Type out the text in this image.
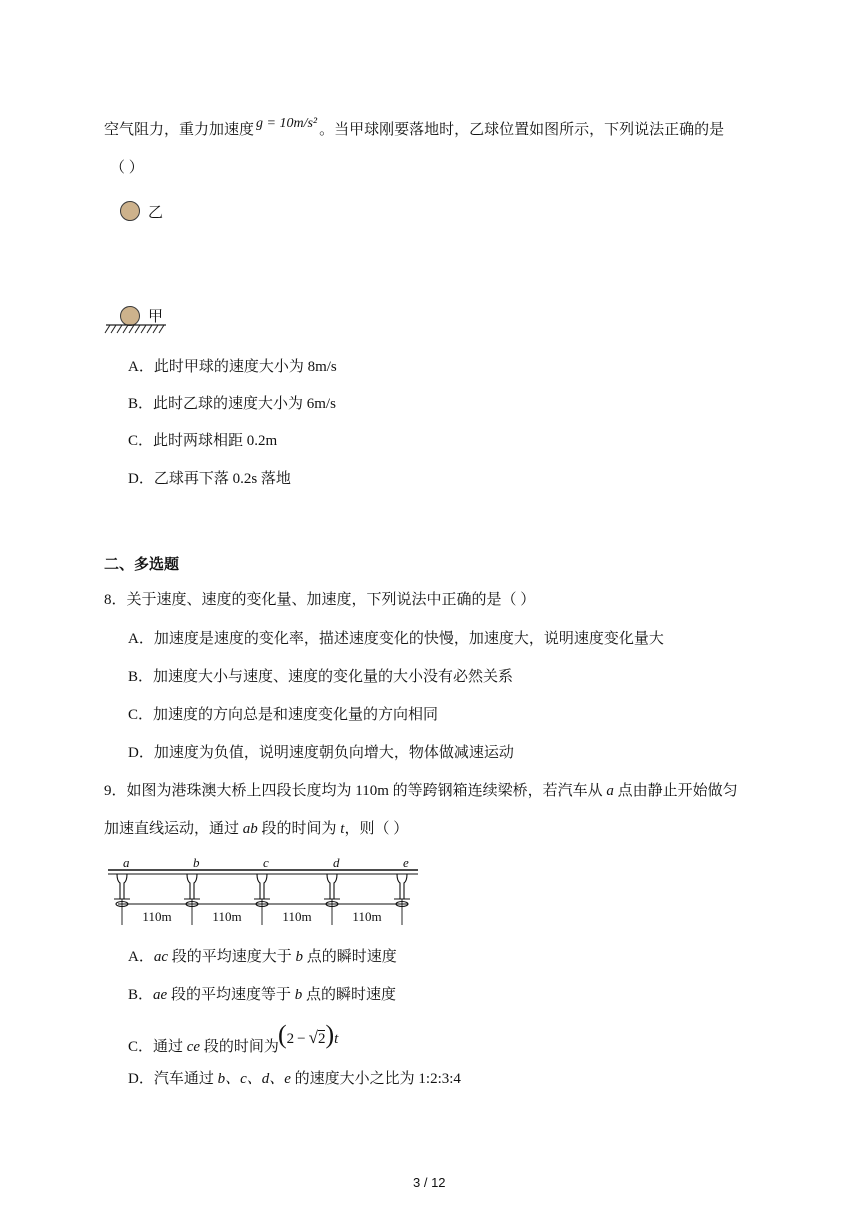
空气阻力，重力加速度 g = 10m/s² 。当甲球刚要落地时，乙球位置如图所示，下列说法正确的是
（ ）
乙
甲
A．此时甲球的速度大小为 8m/s
B．此时乙球的速度大小为 6m/s
C．此时两球相距 0.2m
D．乙球再下落 0.2s 落地
二、多选题
8．关于速度、速度的变化量、加速度，下列说法中正确的是（ ）
A．加速度是速度的变化率，描述速度变化的快慢，加速度大，说明速度变化量大
B．加速度大小与速度、速度的变化量的大小没有必然关系
C．加速度的方向总是和速度变化量的方向相同
D．加速度为负值，说明速度朝负向增大，物体做减速运动
9．如图为港珠澳大桥上四段长度均为 110m 的等跨钢箱连续梁桥，若汽车从 a 点由静止开始做匀
加速直线运动，通过 ab 段的时间为 t，则（ ）
a	b	c	d	e
110m	110m	110m	110m
A．ac 段的平均速度大于 b 点的瞬时速度
B．ae 段的平均速度等于 b 点的瞬时速度
C．通过 ce 段的时间为 (2 − √2)t
D．汽车通过 b、c、d、e 的速度大小之比为 1:2:3:4
3 / 12
